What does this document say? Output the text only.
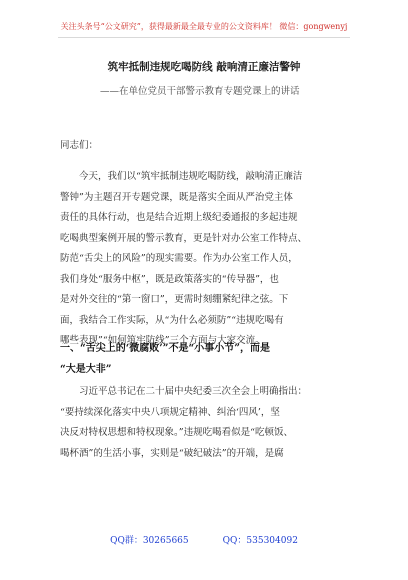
关注头条号“公文研究”，获得最新最全最专业的公文资料库！ 微信：gongwenyj
筑牢抵制违规吃喝防线 敲响清正廉洁警钟
——在单位党员干部警示教育专题党课上的讲话
同志们：
　　今天，我们以“筑牢抵制违规吃喝防线，敲响清正廉洁
警钟”为主题召开专题党课，既是落实全面从严治党主体
责任的具体行动，也是结合近期上级纪委通报的多起违规
吃喝典型案例开展的警示教育，更是针对办公室工作特点、
防范“舌尖上的风险”的现实需要。作为办公室工作人员，
我们身处“服务中枢”，既是政策落实的“传导器”，也
是对外交往的“第一窗口”，更需时刻绷紧纪律之弦。下
面，我结合工作实际，从“为什么必须防”“违规吃喝有
哪些表现”“如何筑牢防线”三个方面与大家交流。
一、“舌尖上的‘微腐败’”不是“小事小节”，而是
“大是大非”
　　习近平总书记在二十届中央纪委三次全会上明确指出：
“要持续深化落实中央八项规定精神、纠治‘四风’，坚
决反对特权思想和特权现象。”违规吃喝看似是“吃顿饭、
喝杯酒”的生活小事，实则是“破纪破法”的开端，是腐
QQ群：30265665	QQ：535304092
